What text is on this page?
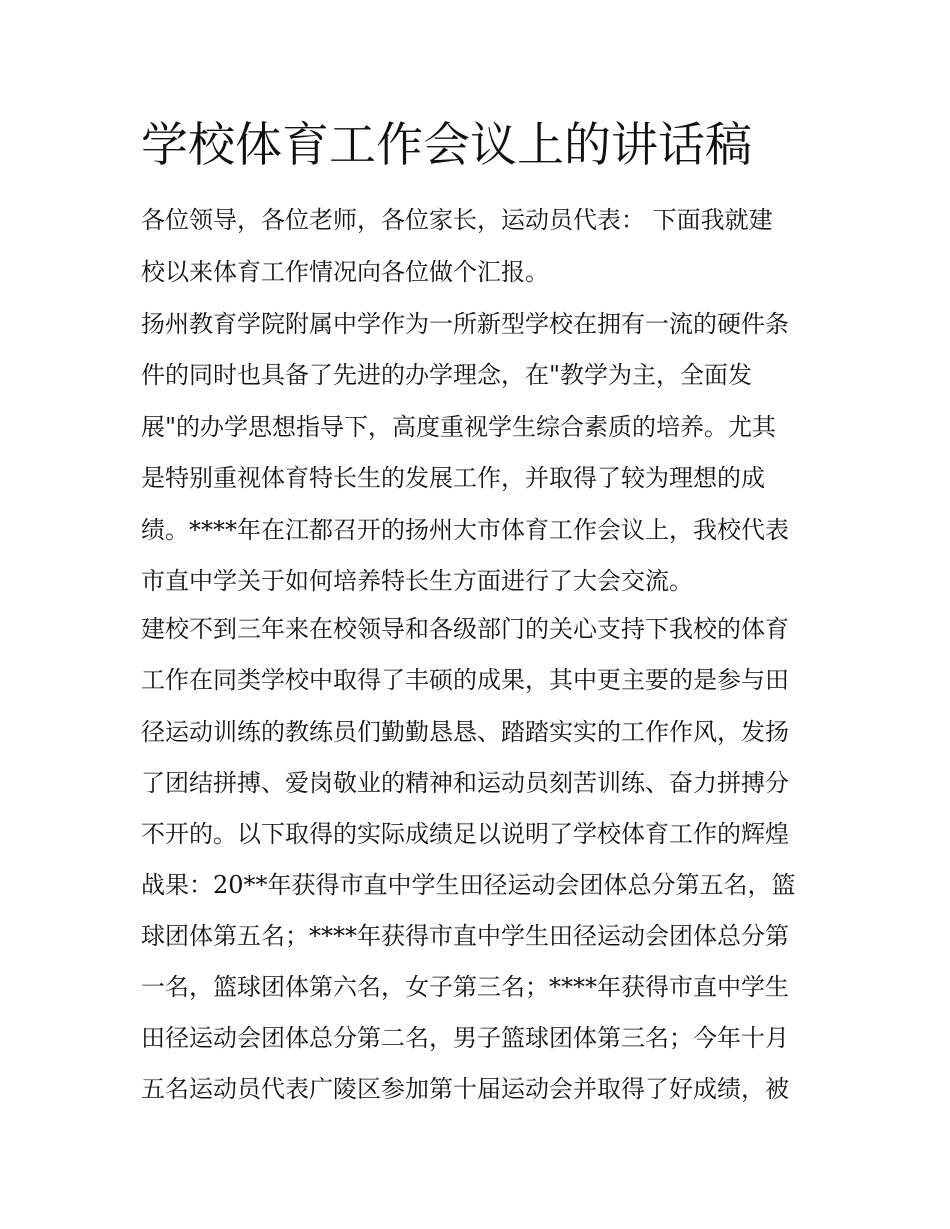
学校体育工作会议上的讲话稿
各位领导，各位老师，各位家长，运动员代表： 下面我就建
校以来体育工作情况向各位做个汇报。
扬州教育学院附属中学作为一所新型学校在拥有一流的硬件条
件的同时也具备了先进的办学理念，在"教学为主，全面发
展"的办学思想指导下，高度重视学生综合素质的培养。尤其
是特别重视体育特长生的发展工作，并取得了较为理想的成
绩。****年在江都召开的扬州大市体育工作会议上，我校代表
市直中学关于如何培养特长生方面进行了大会交流。
建校不到三年来在校领导和各级部门的关心支持下我校的体育
工作在同类学校中取得了丰硕的成果，其中更主要的是参与田
径运动训练的教练员们勤勤恳恳、踏踏实实的工作作风，发扬
了团结拼搏、爱岗敬业的精神和运动员刻苦训练、奋力拼搏分
不开的。以下取得的实际成绩足以说明了学校体育工作的辉煌
战果：20**年获得市直中学生田径运动会团体总分第五名，篮
球团体第五名；****年获得市直中学生田径运动会团体总分第
一名，篮球团体第六名，女子第三名；****年获得市直中学生
田径运动会团体总分第二名，男子篮球团体第三名；今年十月
五名运动员代表广陵区参加第十届运动会并取得了好成绩，被
